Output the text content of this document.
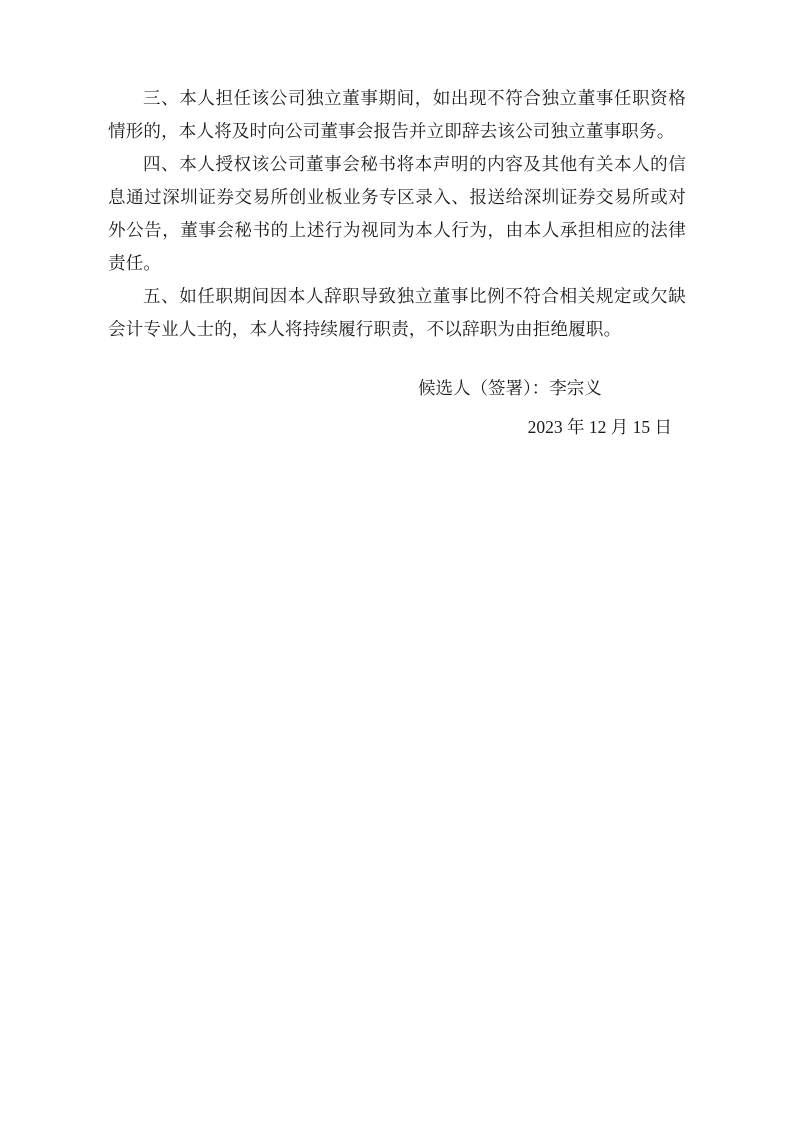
三、本人担任该公司独立董事期间，如出现不符合独立董事任职资格情形的，本人将及时向公司董事会报告并立即辞去该公司独立董事职务。

四、本人授权该公司董事会秘书将本声明的内容及其他有关本人的信息通过深圳证券交易所创业板业务专区录入、报送给深圳证券交易所或对外公告，董事会秘书的上述行为视同为本人行为，由本人承担相应的法律责任。

五、如任职期间因本人辞职导致独立董事比例不符合相关规定或欠缺会计专业人士的，本人将持续履行职责，不以辞职为由拒绝履职。

候选人（签署）：李宗义
2023 年 12 月 15 日
